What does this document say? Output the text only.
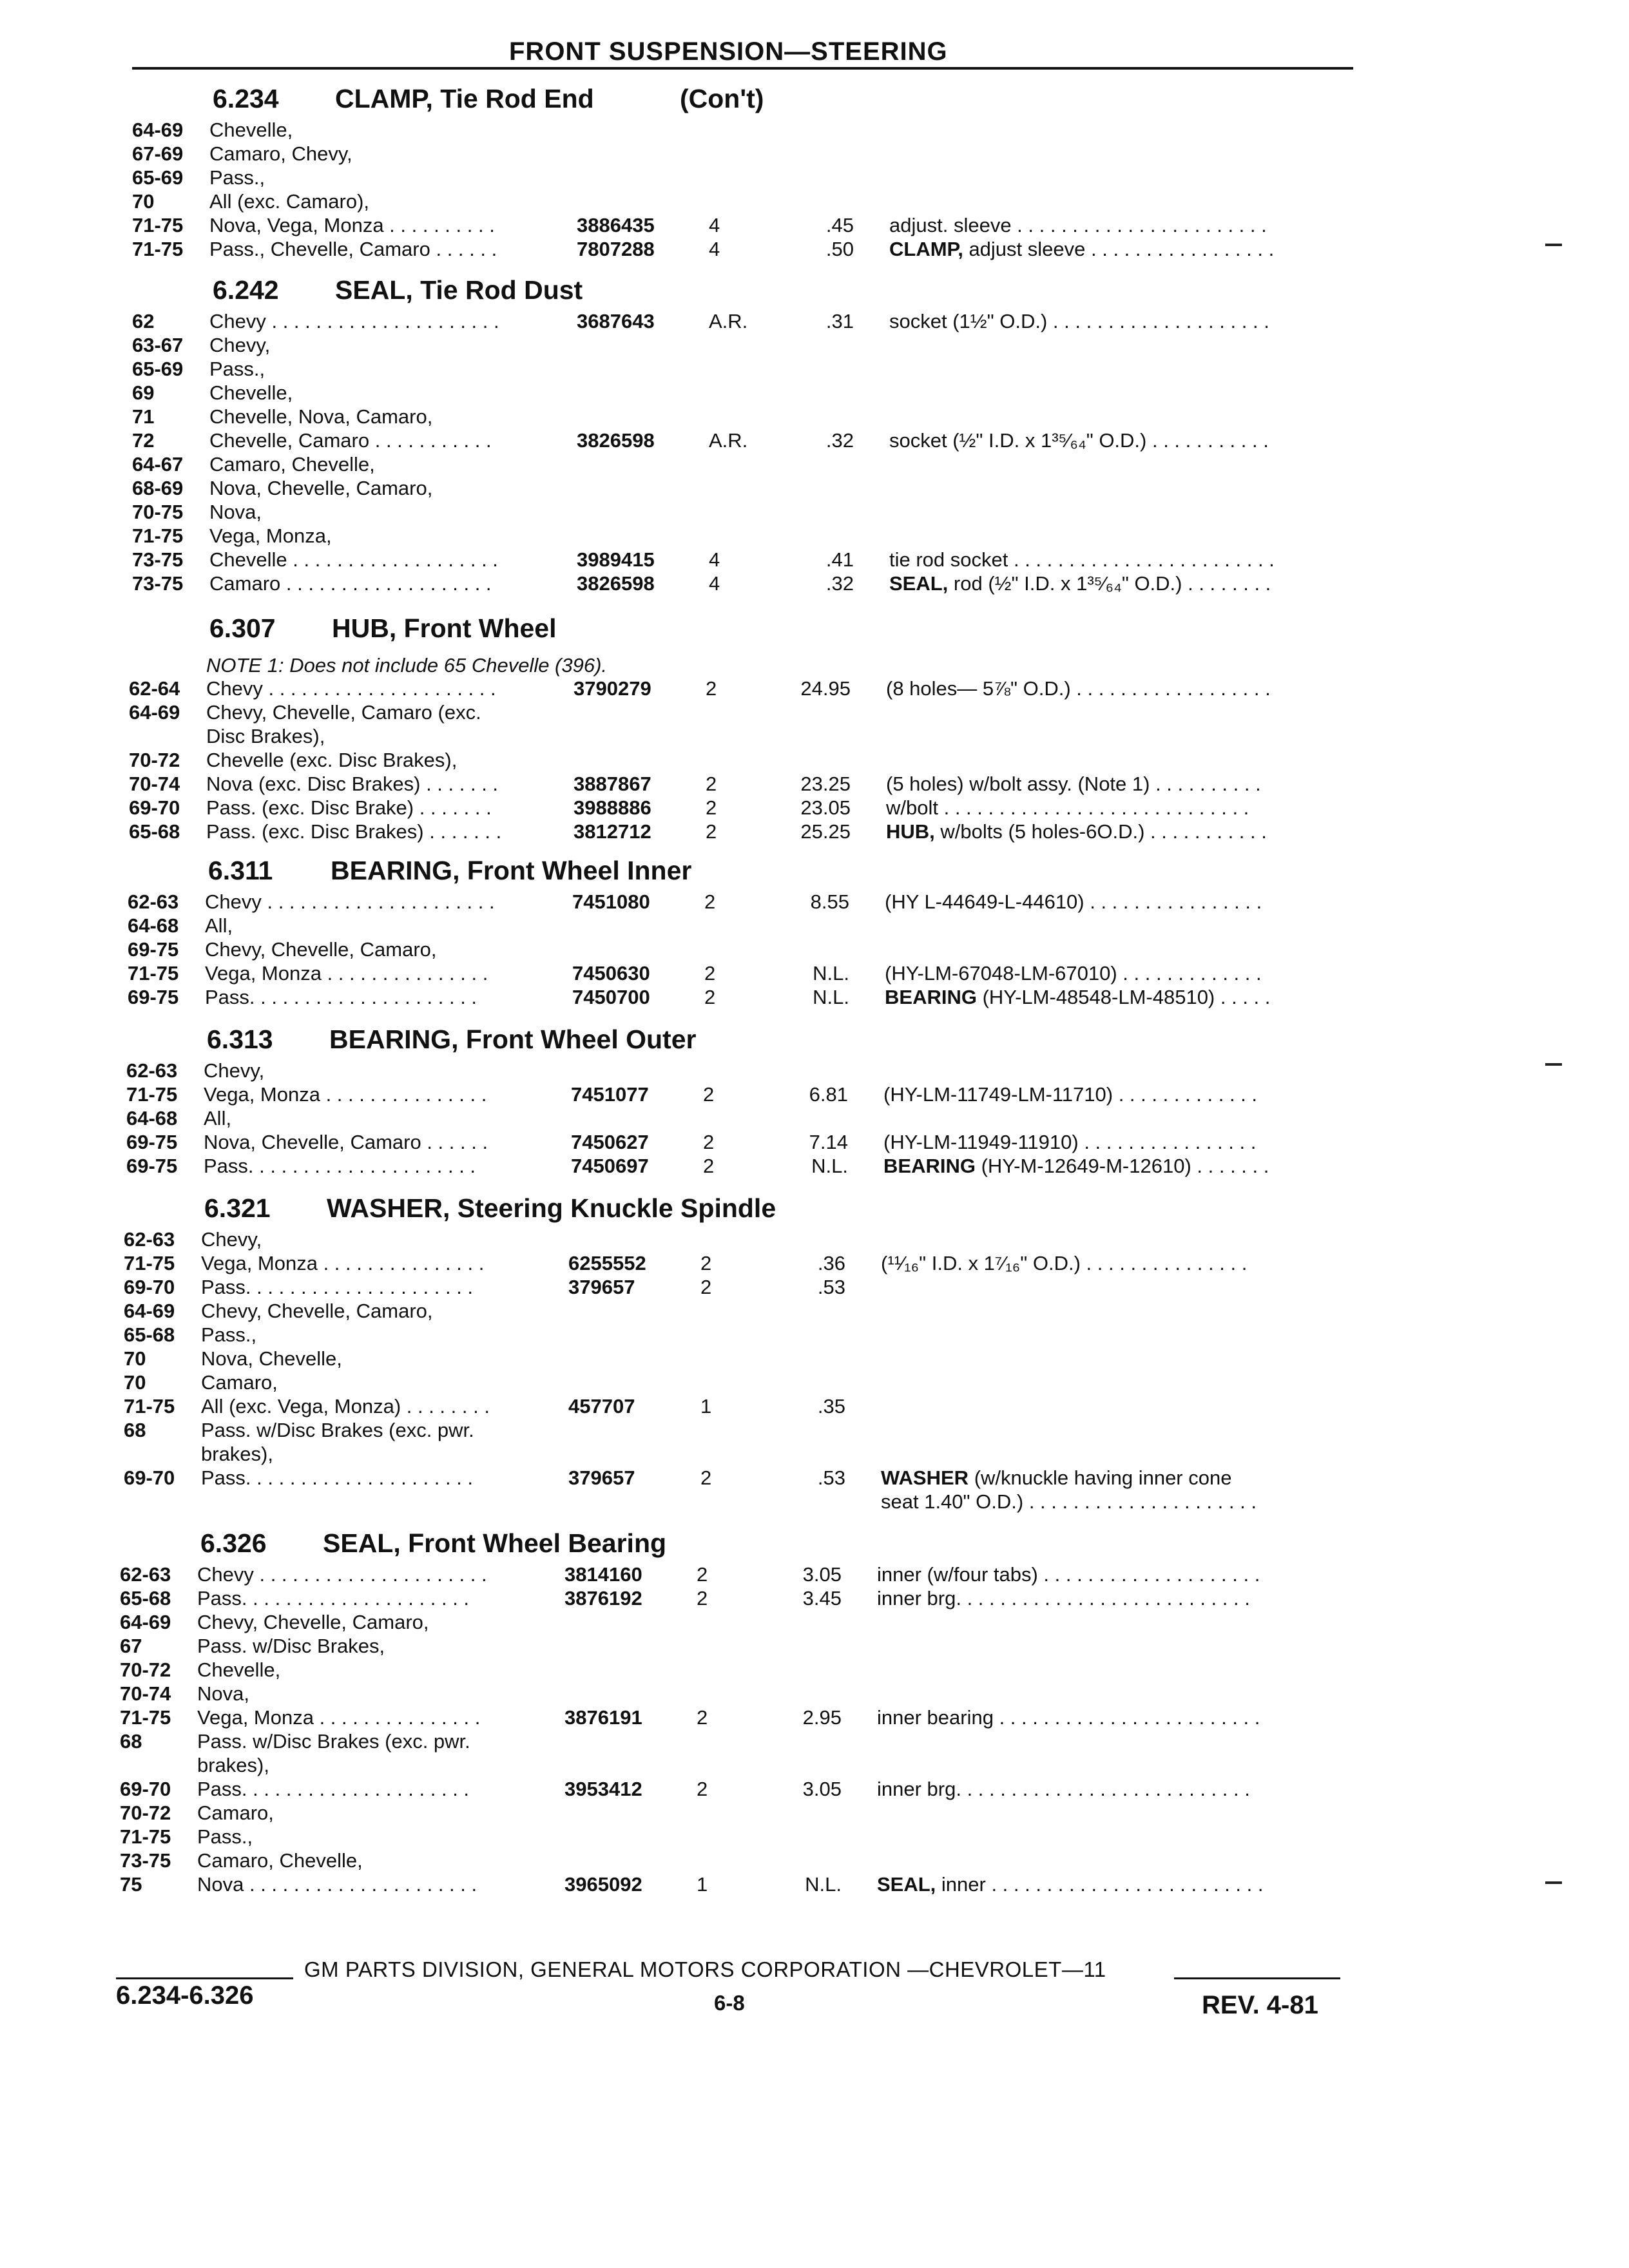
FRONT SUSPENSION—STEERING
6.234 CLAMP, Tie Rod End	(Con't)
64-69 Chevelle,
67-69 Camaro, Chevy,
65-69 Pass.,
70	All (exc. Camaro),
71-75 Nova, Vega, Monza . . . . . . . . . .	3886435	4	.45 adjust. sleeve . . . . . . . . . . . . . . . . . . . . . . .
71-75 Pass., Chevelle, Camaro . . . . . .	7807288	4	.50 CLAMP, adjust sleeve . . . . . . . . . . . . . . . . .
6.242 SEAL, Tie Rod Dust
62	Chevy . . . . . . . . . . . . . . . . . . . . .	3687643	A.R.	.31 socket (1½" O.D.) . . . . . . . . . . . . . . . . . . . .
63-67 Chevy,
65-69 Pass.,
69	Chevelle,
71	Chevelle, Nova, Camaro,
72	Chevelle, Camaro . . . . . . . . . . .	3826598	A.R.	.32 socket (½" I.D. x 1³⁵⁄₆₄" O.D.) . . . . . . . . . . .
64-67 Camaro, Chevelle,
68-69 Nova, Chevelle, Camaro,
70-75 Nova,
71-75 Vega, Monza,
73-75 Chevelle . . . . . . . . . . . . . . . . . . .	3989415	4	.41 tie rod socket . . . . . . . . . . . . . . . . . . . . . . . .
73-75 Camaro . . . . . . . . . . . . . . . . . . .	3826598	4	.32 SEAL, rod (½" I.D. x 1³⁵⁄₆₄" O.D.) . . . . . . . .
6.307 HUB, Front Wheel
NOTE 1: Does not include 65 Chevelle (396).
62-64 Chevy . . . . . . . . . . . . . . . . . . . . .	3790279	2	24.95 (8 holes— 5⅞" O.D.) . . . . . . . . . . . . . . . . . .
64-69 Chevy, Chevelle, Camaro (exc.
Disc Brakes),
70-72 Chevelle (exc. Disc Brakes),
70-74 Nova (exc. Disc Brakes) . . . . . . .	3887867	2	23.25 (5 holes) w/bolt assy. (Note 1) . . . . . . . . . .
69-70 Pass. (exc. Disc Brake) . . . . . . .	3988886	2	23.05 w/bolt . . . . . . . . . . . . . . . . . . . . . . . . . . . .
65-68 Pass. (exc. Disc Brakes) . . . . . . .	3812712	2	25.25 HUB, w/bolts (5 holes-6O.D.) . . . . . . . . . . .
6.311 BEARING, Front Wheel Inner
62-63 Chevy . . . . . . . . . . . . . . . . . . . . .	7451080	2	8.55 (HY L-44649-L-44610) . . . . . . . . . . . . . . . .
64-68 All,
69-75 Chevy, Chevelle, Camaro,
71-75 Vega, Monza . . . . . . . . . . . . . . .	7450630	2	N.L. (HY-LM-67048-LM-67010) . . . . . . . . . . . . .
69-75 Pass. . . . . . . . . . . . . . . . . . . . .	7450700	2	N.L. BEARING (HY-LM-48548-LM-48510) . . . . .
6.313 BEARING, Front Wheel Outer
62-63 Chevy,
71-75 Vega, Monza . . . . . . . . . . . . . . .	7451077	2	6.81 (HY-LM-11749-LM-11710) . . . . . . . . . . . . .
64-68 All,
69-75 Nova, Chevelle, Camaro . . . . . .	7450627	2	7.14 (HY-LM-11949-11910) . . . . . . . . . . . . . . . .
69-75 Pass. . . . . . . . . . . . . . . . . . . . .	7450697	2	N.L. BEARING (HY-M-12649-M-12610) . . . . . . .
6.321 WASHER, Steering Knuckle Spindle
62-63 Chevy,
71-75 Vega, Monza . . . . . . . . . . . . . . .	6255552	2	.36 (¹¹⁄₁₆" I.D. x 1⁷⁄₁₆" O.D.) . . . . . . . . . . . . . . .
69-70 Pass. . . . . . . . . . . . . . . . . . . . .	379657	2	.53
64-69 Chevy, Chevelle, Camaro,
65-68 Pass.,
70	Nova, Chevelle,
70	Camaro,
71-75 All (exc. Vega, Monza) . . . . . . . .	457707	1	.35
68	Pass. w/Disc Brakes (exc. pwr.
brakes),
69-70 Pass. . . . . . . . . . . . . . . . . . . . .	379657	2	.53 WASHER (w/knuckle having inner cone
seat 1.40" O.D.) . . . . . . . . . . . . . . . . . . . . .
6.326 SEAL, Front Wheel Bearing
62-63 Chevy . . . . . . . . . . . . . . . . . . . . .	3814160	2	3.05 inner (w/four tabs) . . . . . . . . . . . . . . . . . . . .
65-68 Pass. . . . . . . . . . . . . . . . . . . . .	3876192	2	3.45 inner brg. . . . . . . . . . . . . . . . . . . . . . . . . . .
64-69 Chevy, Chevelle, Camaro,
67	Pass. w/Disc Brakes,
70-72 Chevelle,
70-74 Nova,
71-75 Vega, Monza . . . . . . . . . . . . . . .	3876191	2	2.95 inner bearing . . . . . . . . . . . . . . . . . . . . . . . .
68	Pass. w/Disc Brakes (exc. pwr.
brakes),
69-70 Pass. . . . . . . . . . . . . . . . . . . . .	3953412	2	3.05 inner brg. . . . . . . . . . . . . . . . . . . . . . . . . . .
70-72 Camaro,
71-75 Pass.,
73-75 Camaro, Chevelle,
75	Nova . . . . . . . . . . . . . . . . . . . . .	3965092	1	N.L. SEAL, inner . . . . . . . . . . . . . . . . . . . . . . . . .
GM PARTS DIVISION, GENERAL MOTORS CORPORATION —CHEVROLET—11
6.234-6.326	6-8	REV. 4-81
